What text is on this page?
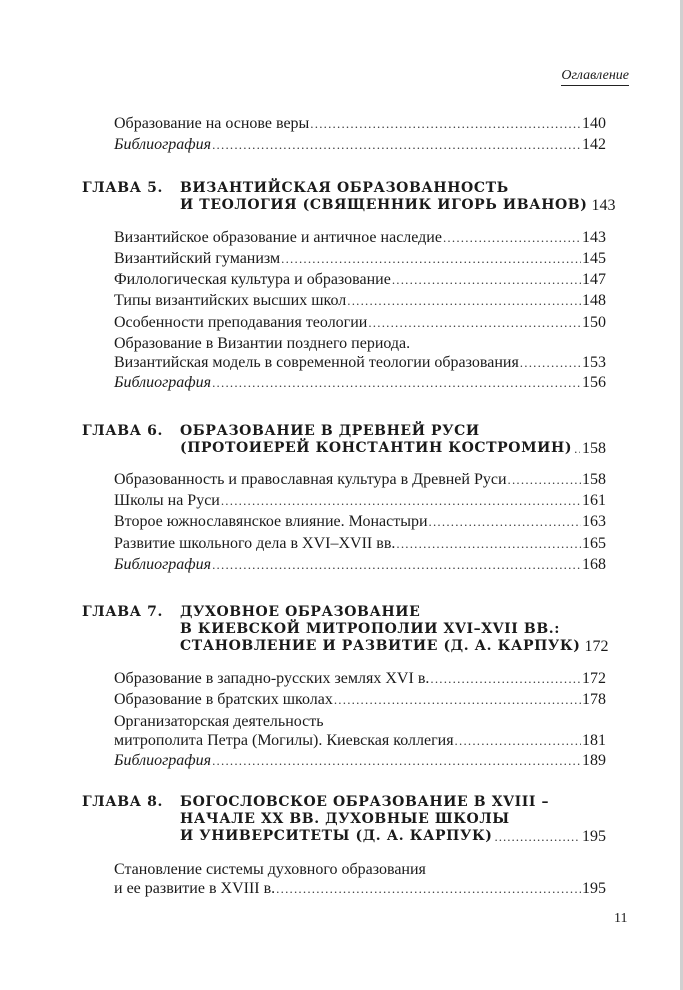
Оглавление
Образование на основе веры .....	140
Библиография .....	142
ГЛАВА 5. ВИЗАНТИЙСКАЯ ОБРАЗОВАННОСТЬ
И ТЕОЛОГИЯ (СВЯЩЕННИК ИГОРЬ ИВАНОВ) 143
Византийское образование и античное наследие .....	143
Византийский гуманизм .....	145
Филологическая культура и образование .....	147
Типы византийских высших школ .....	148
Особенности преподавания теологии .....	150
Образование в Византии позднего периода.
Византийская модель в современной теологии образования .....	153
Библиография .....	156
ГЛАВА 6. ОБРАЗОВАНИЕ В ДРЕВНЕЙ РУСИ
(ПРОТОИЕРЕЙ КОНСТАНТИН КОСТРОМИН) ..... 158
Образованность и православная культура в Древней Руси .....	158
Школы на Руси .....	161
Второе южнославянское влияние. Монастыри .....	163
Развитие школьного дела в XVI–XVII вв. .....	165
Библиография .....	168
ГЛАВА 7. ДУХОВНОЕ ОБРАЗОВАНИЕ
В КИЕВСКОЙ МИТРОПОЛИИ XVI–XVII ВВ.:
СТАНОВЛЕНИЕ И РАЗВИТИЕ (Д. А. КАРПУК) 172
Образование в западно-русских землях XVI в. .....	172
Образование в братских школах .....	178
Организаторская деятельность
митрополита Петра (Могилы). Киевская коллегия .....	181
Библиография .....	189
ГЛАВА 8. БОГОСЛОВСКОЕ ОБРАЗОВАНИЕ В XVIII –
НАЧАЛЕ XX ВВ. ДУХОВНЫЕ ШКОЛЫ
И УНИВЕРСИТЕТЫ (Д. А. КАРПУК) .....	195
Становление системы духовного образования
и ее развитие в XVIII в. .....	195
11
